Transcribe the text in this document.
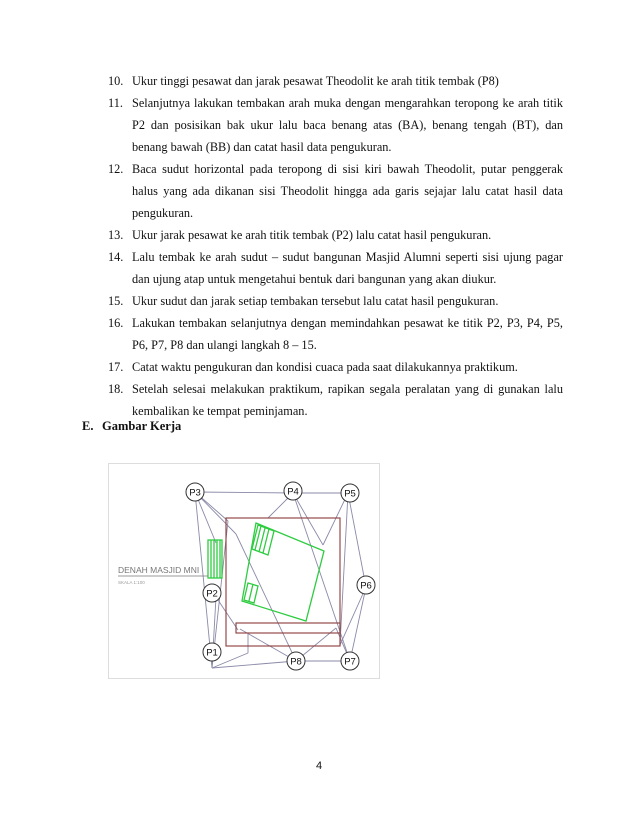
10. Ukur tinggi pesawat dan jarak pesawat Theodolit ke arah titik tembak (P8)
11. Selanjutnya lakukan tembakan arah muka dengan mengarahkan teropong ke arah titik P2 dan posisikan bak ukur lalu baca benang atas (BA), benang tengah (BT), dan benang bawah (BB) dan catat hasil data pengukuran.
12. Baca sudut horizontal pada teropong di sisi kiri bawah Theodolit, putar penggerak halus yang ada dikanan sisi Theodolit hingga ada garis sejajar lalu catat hasil data pengukuran.
13. Ukur jarak pesawat ke arah titik tembak (P2) lalu catat hasil pengukuran.
14. Lalu tembak ke arah sudut – sudut bangunan Masjid Alumni seperti sisi ujung pagar dan ujung atap untuk mengetahui bentuk dari bangunan yang akan diukur.
15. Ukur sudut dan jarak setiap tembakan tersebut lalu catat hasil pengukuran.
16. Lakukan tembakan selanjutnya dengan memindahkan pesawat ke titik P2, P3, P4, P5, P6, P7, P8 dan ulangi langkah 8 – 15.
17. Catat waktu pengukuran dan kondisi cuaca pada saat dilakukannya praktikum.
18. Setelah selesai melakukan praktikum, rapikan segala peralatan yang di gunakan lalu kembalikan ke tempat peminjaman.
E. Gambar Kerja
P1
P2
P3	P4	P5
P6
P7
P8
DENAH MASJID MNI
SKALA 1:100
4
